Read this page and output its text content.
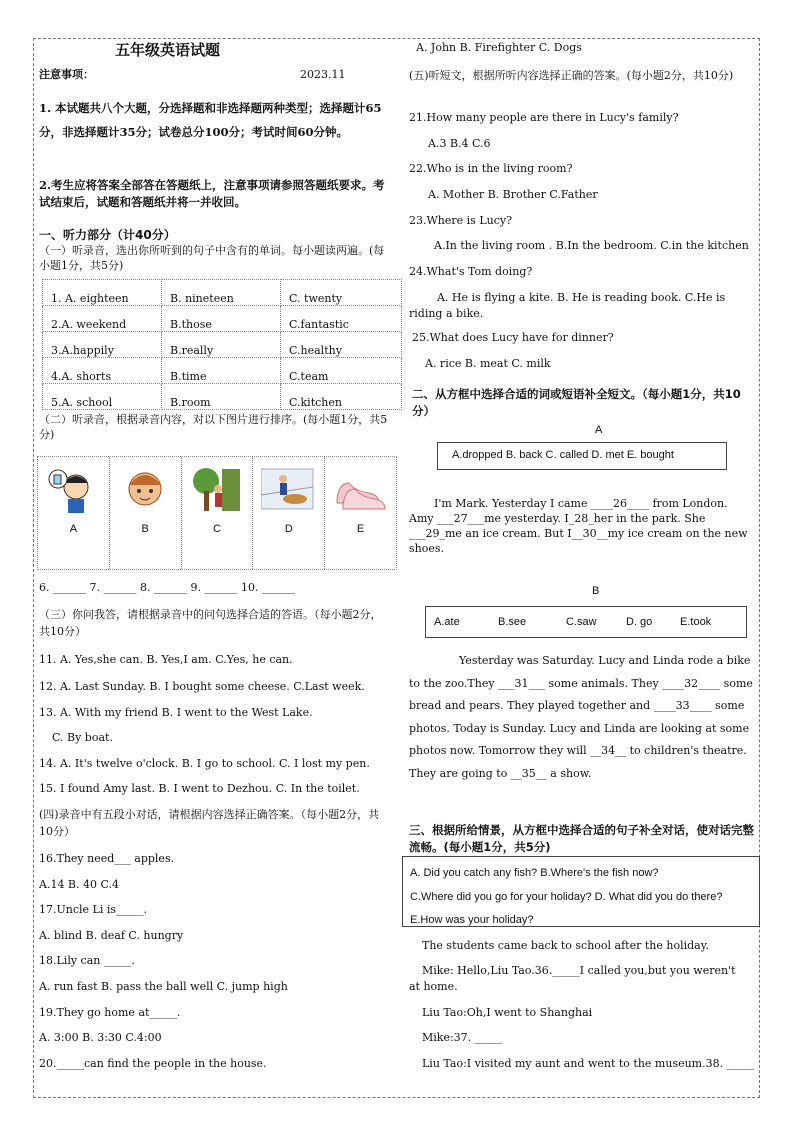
五年级英语试题
注意事项：	2023.11
1. 本试题共八个大题，分选择题和非选择题两种类型；选择题计65分，非选择题计35分；试卷总分100分；考试时间60分钟。
2.考生应将答案全部答在答题纸上，注意事项请参照答题纸要求。考试结束后，试题和答题纸并将一并收回。
一、听力部分（计40分）
（一）听录音，选出你所听到的句子中含有的单词。每小题读两遍。(每小题1分，共5分)
1. A. eighteen	B. nineteen	C. twenty
2.A. weekend	B.those	C.fantastic
3.A.happily	B.really	C.healthy
4.A. shorts	B.time	C.team
5.A. school	B.room	C.kitchen
（二）听录音，根据录音内容，对以下图片进行排序。(每小题1分，共5分)
A	B	C	D	E
6. ______ 7. ______ 8. ______ 9. ______ 10. ______
（三）你问我答，请根据录音中的问句选择合适的答语。（每小题2分，共10分）
11. A. Yes,she can. B. Yes,I am. C.Yes, he can.
12. A. Last Sunday. B. I bought some cheese. C.Last week.
13. A. With my friend B. I went to the West Lake.
C. By boat.
14. A. It's twelve o'clock. B. I go to school. C. I lost my pen.
15. I found Amy last. B. I went to Dezhou. C. In the toilet.
(四)录音中有五段小对话，请根据内容选择正确答案。（每小题2分，共10分）
16.They need___ apples.
A.14 B. 40 C.4
17.Uncle Li is_____.
A. blind B. deaf C. hungry
18.Lily can _____.
A. run fast B. pass the ball well C. jump high
19.They go home at_____.
A. 3:00 B. 3:30 C.4:00
20._____can find the people in the house.
A. John B. Firefighter C. Dogs
(五)听短文，根据所听内容选择正确的答案。(每小题2分，共10分)
21.How many people are there in Lucy's family?
A.3 B.4 C.6
22.Who is in the living room?
A. Mother B. Brother C.Father
23.Where is Lucy?
A.In the living room . B.In the bedroom. C.in the kitchen
24.What's Tom doing?
A. He is flying a kite. B. He is reading book. C.He is riding a bike.
25.What does Lucy have for dinner?
A. rice B. meat C. milk
二、从方框中选择合适的词或短语补全短文。（每小题1分，共10分）
A
A.dropped B. back C. called D. met E. bought
I'm Mark. Yesterday I came ____26____ from London. Amy ___27___me yesterday. I_28_her in the park. She ___29_me an ice cream. But I__30__my ice cream on the new shoes.
B
A.ate	B.see	C.saw	D. go	E.took
Yesterday was Saturday. Lucy and Linda rode a bike to the zoo.They ___31___ some animals. They ____32____ some bread and pears. They played together and ____33____ some photos. Today is Sunday. Lucy and Linda are looking at some photos now. Tomorrow they will __34__ to children's theatre. They are going to __35__ a show.
三、根据所给情景，从方框中选择合适的句子补全对话，使对话完整流畅。(每小题1分，共5分)
A. Did you catch any fish? B.Where's the fish now?
C.Where did you go for your holiday? D. What did you do there?
E.How was your holiday?
The students came back to school after the holiday.
Mike: Hello,Liu Tao.36._____I called you,but you weren't at home.
Liu Tao:Oh,I went to Shanghai
Mike:37. _____
Liu Tao:I visited my aunt and went to the museum.38. _____
